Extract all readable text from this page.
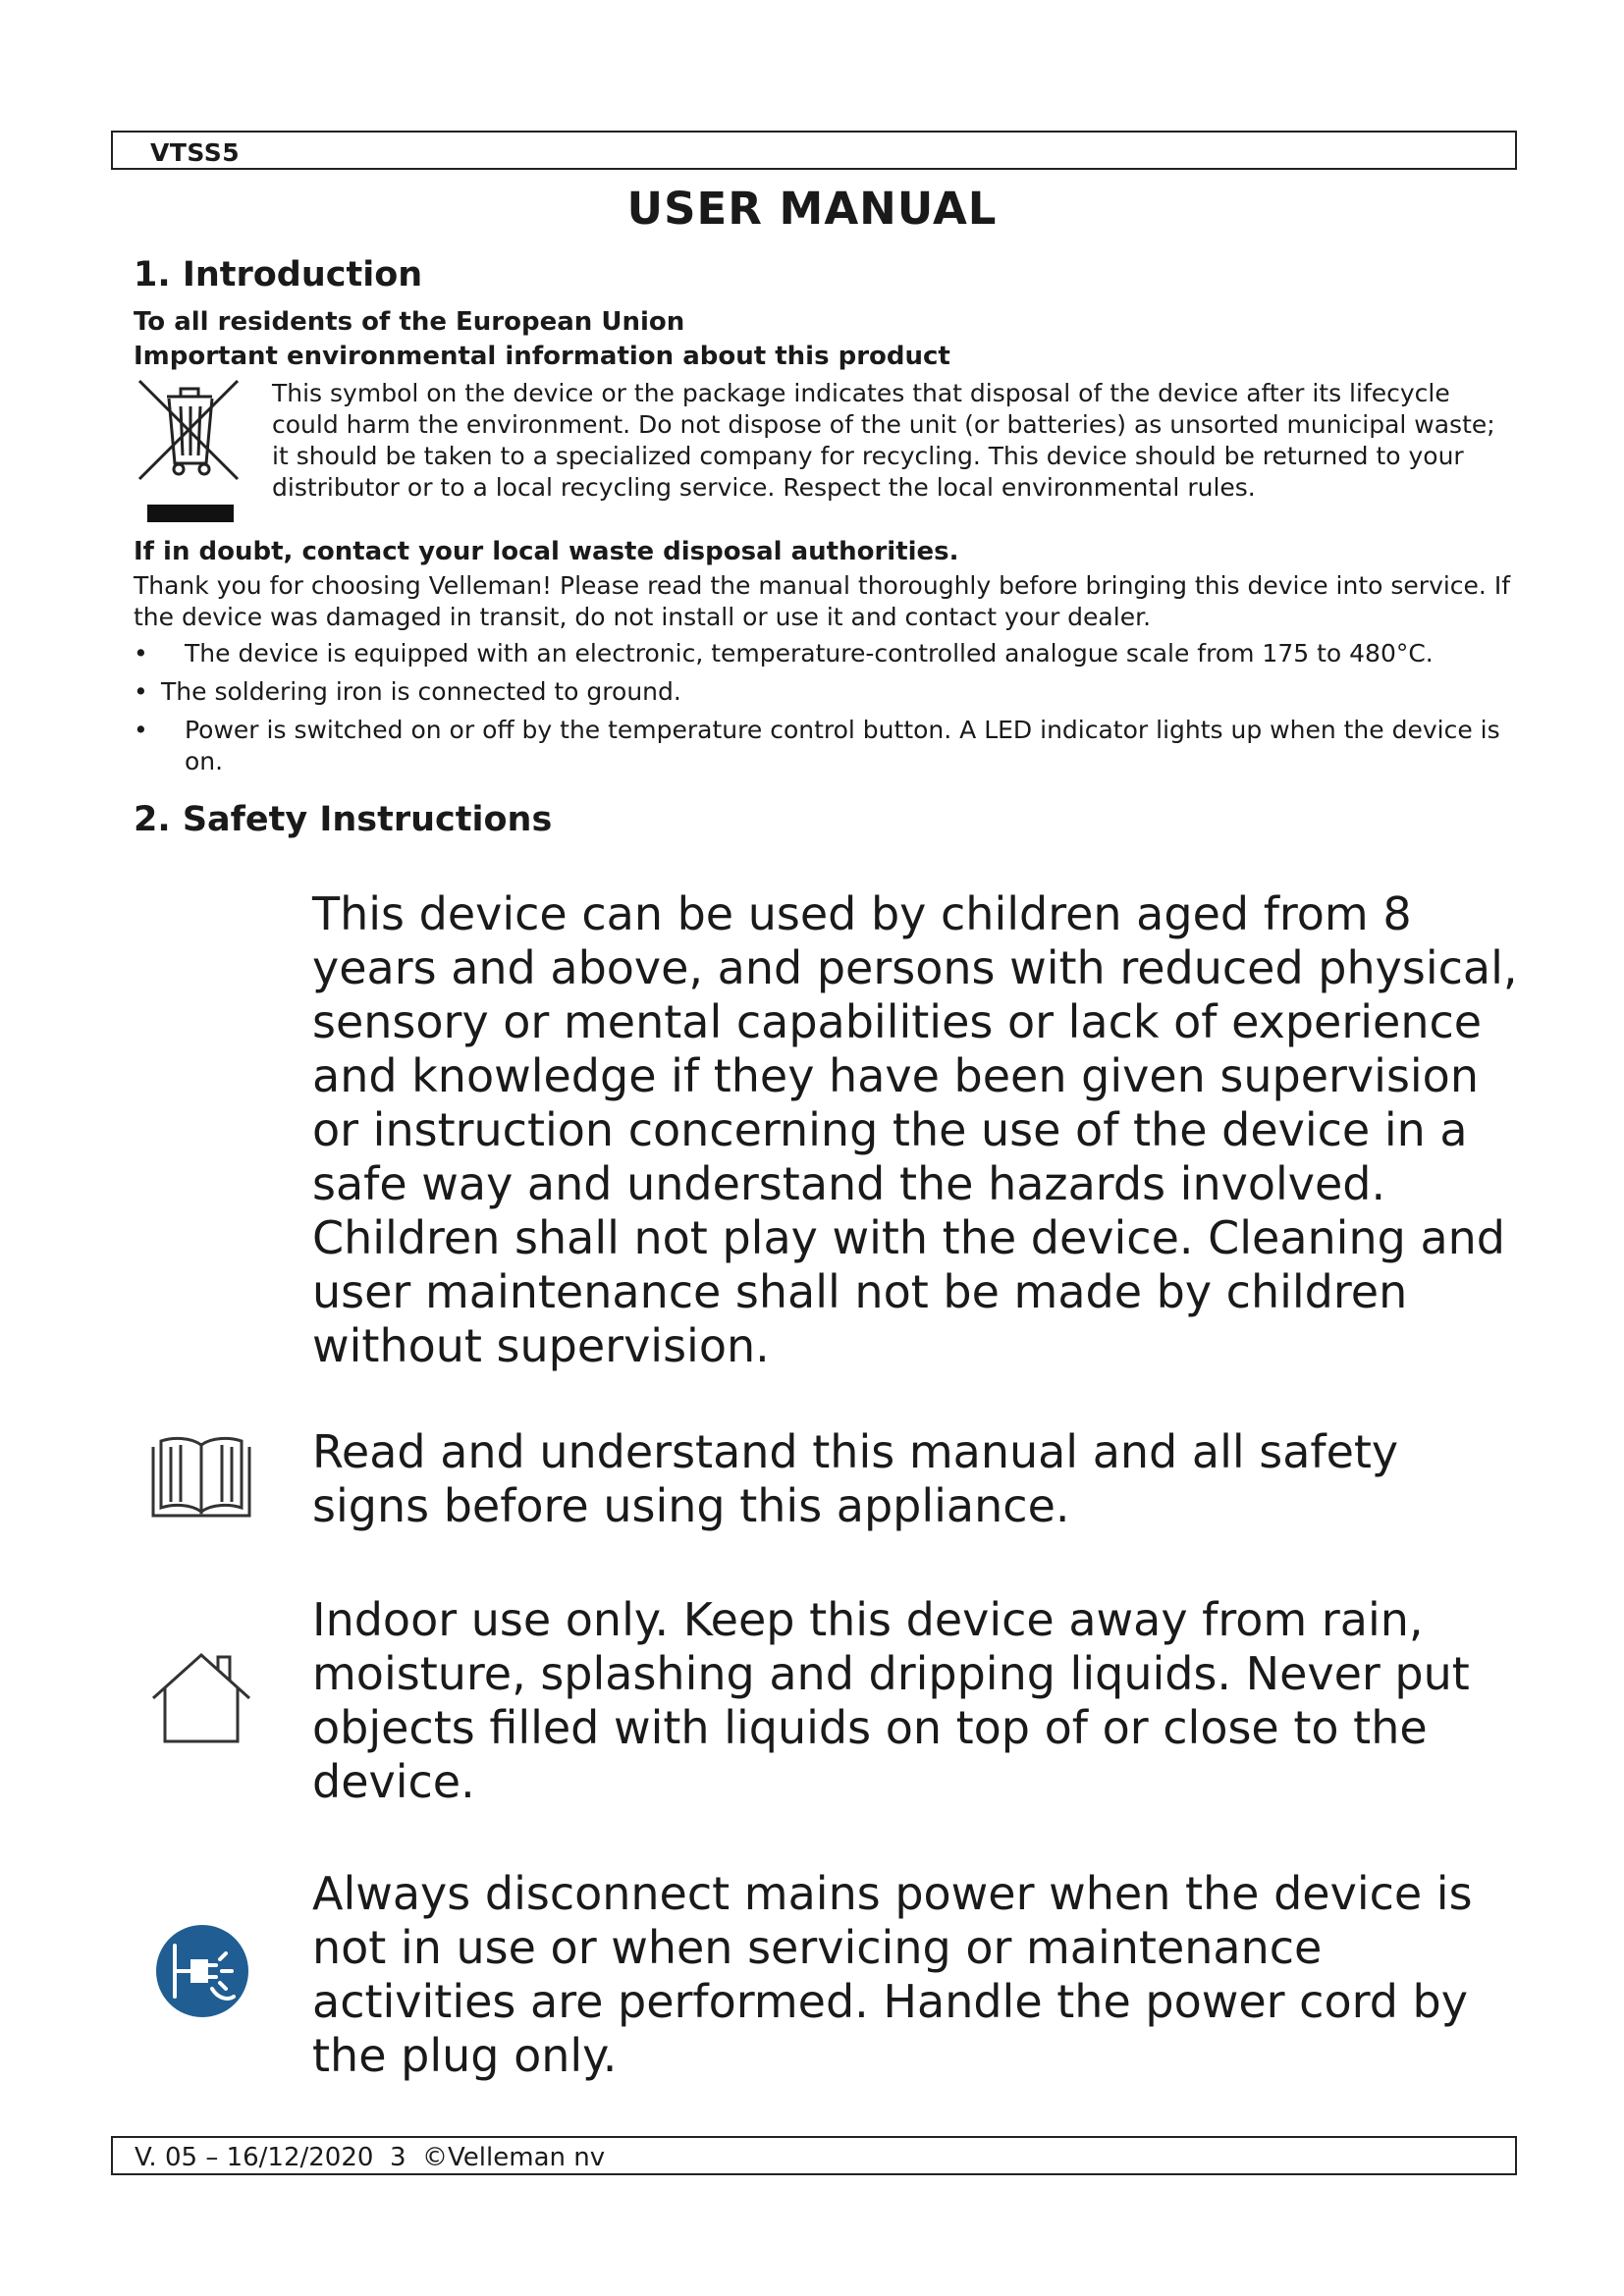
VTSS5
USER MANUAL
1. Introduction
To all residents of the European Union
Important environmental information about this product

This symbol on the device or the package indicates that disposal of the device after its lifecycle could harm the environment. Do not dispose of the unit (or batteries) as unsorted municipal waste; it should be taken to a specialized company for recycling. This device should be returned to your distributor or to a local recycling service. Respect the local environmental rules.

If in doubt, contact your local waste disposal authorities.

Thank you for choosing Velleman! Please read the manual thoroughly before bringing this device into service. If the device was damaged in transit, do not install or use it and contact your dealer.

• The device is equipped with an electronic, temperature-controlled analogue scale from 175 to 480°C.
• The soldering iron is connected to ground.
• Power is switched on or off by the temperature control button. A LED indicator lights up when the device is on.
2. Safety Instructions

This device can be used by children aged from 8 years and above, and persons with reduced physical, sensory or mental capabilities or lack of experience and knowledge if they have been given supervision or instruction concerning the use of the device in a safe way and understand the hazards involved. Children shall not play with the device. Cleaning and user maintenance shall not be made by children without supervision.

Read and understand this manual and all safety signs before using this appliance.

Indoor use only. Keep this device away from rain, moisture, splashing and dripping liquids. Never put objects filled with liquids on top of or close to the device.

Always disconnect mains power when the device is not in use or when servicing or maintenance activities are performed. Handle the power cord by the plug only.

V. 05 – 16/12/2020  3  ©Velleman nv
